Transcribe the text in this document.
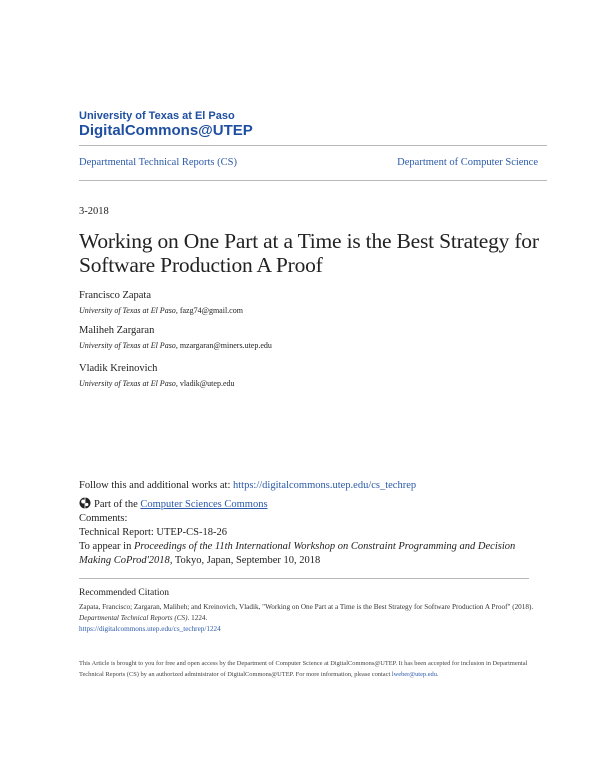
University of Texas at El Paso
DigitalCommons@UTEP
Departmental Technical Reports (CS)	Department of Computer Science
3-2018
Working on One Part at a Time is the Best Strategy for Software Production A Proof
Francisco Zapata
University of Texas at El Paso, fazg74@gmail.com
Maliheh Zargaran
University of Texas at El Paso, mzargaran@miners.utep.edu
Vladik Kreinovich
University of Texas at El Paso, vladik@utep.edu
Follow this and additional works at: https://digitalcommons.utep.edu/cs_techrep
Part of the Computer Sciences Commons
Comments:
Technical Report: UTEP-CS-18-26
To appear in Proceedings of the 11th International Workshop on Constraint Programming and Decision Making CoProd'2018, Tokyo, Japan, September 10, 2018
Recommended Citation
Zapata, Francisco; Zargaran, Maliheh; and Kreinovich, Vladik, "Working on One Part at a Time is the Best Strategy for Software Production A Proof" (2018). Departmental Technical Reports (CS). 1224.
https://digitalcommons.utep.edu/cs_techrep/1224
This Article is brought to you for free and open access by the Department of Computer Science at DigitalCommons@UTEP. It has been accepted for inclusion in Departmental Technical Reports (CS) by an authorized administrator of DigitalCommons@UTEP. For more information, please contact lweber@utep.edu.
